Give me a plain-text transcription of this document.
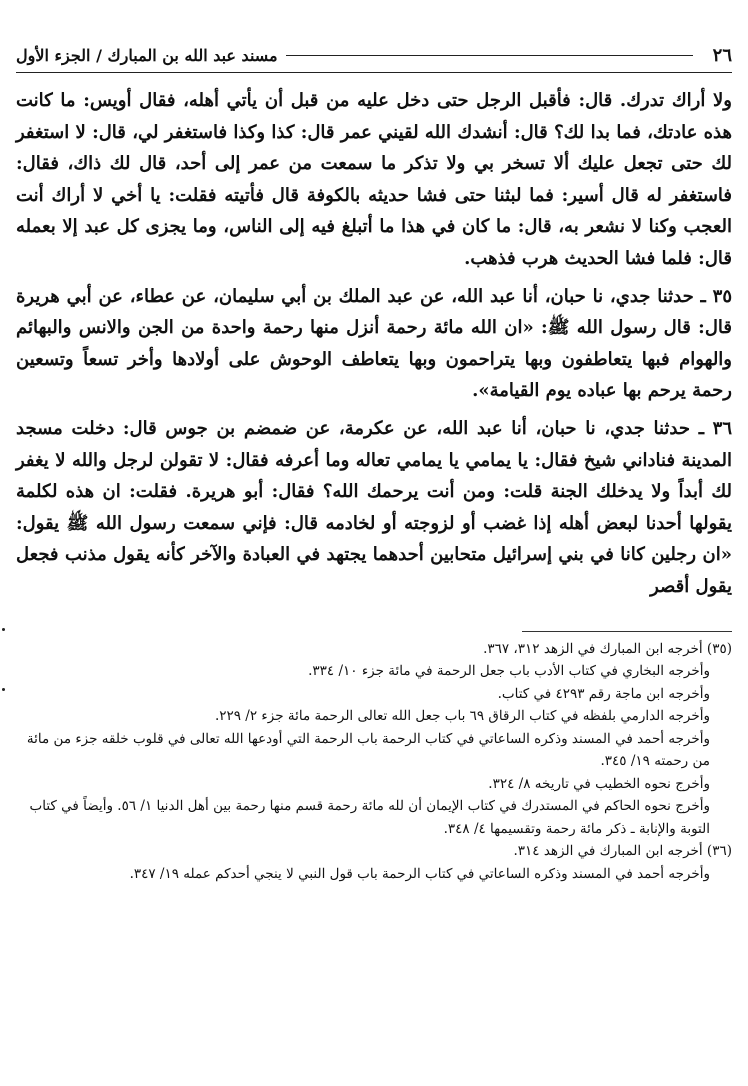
٢٦
مسند عبد الله بن المبارك / الجزء الأول

ولا أراك تدرك. قال: فأقبل الرجل حتى دخل عليه من قبل أن يأتي أهله، فقال أويس: ما كانت هذه عادتك، فما بدا لك؟ قال: أنشدك الله لقيني عمر قال: كذا وكذا فاستغفر لي، قال: لا استغفر لك حتى تجعل عليك ألا تسخر بي ولا تذكر ما سمعت من عمر إلى أحد، قال لك ذاك، فقال: فاستغفر له قال أسير: فما لبثنا حتى فشا حديثه بالكوفة قال فأتيته فقلت: يا أخي لا أراك أنت العجب وكنا لا نشعر به، قال: ما كان في هذا ما أتبلغ فيه إلى الناس، وما يجزى كل عبد إلا بعمله قال: فلما فشا الحديث هرب فذهب.

٣٥ ـ حدثنا جدي، نا حبان، أنا عبد الله، عن عبد الملك بن أبي سليمان، عن عطاء، عن أبي هريرة قال: قال رسول الله ﷺ: «ان الله مائة رحمة أنزل منها رحمة واحدة من الجن والانس والبهائم والهوام فبها يتعاطفون وبها يتراحمون وبها يتعاطف الوحوش على أولادها وأخر تسعاً وتسعين رحمة يرحم بها عباده يوم القيامة».

٣٦ ـ حدثنا جدي، نا حبان، أنا عبد الله، عن عكرمة، عن ضمضم بن جوس قال: دخلت مسجد المدينة فناداني شيخ فقال: يا يمامي يا يمامي تعاله وما أعرفه فقال: لا تقولن لرجل والله لا يغفر لك أبداً ولا يدخلك الجنة قلت: ومن أنت يرحمك الله؟ فقال: أبو هريرة. فقلت: ان هذه لكلمة يقولها أحدنا لبعض أهله إذا غضب أو لزوجته أو لخادمه قال: فإني سمعت رسول الله ﷺ يقول: «ان رجلين كانا في بني إسرائيل متحابين أحدهما يجتهد في العبادة والآخر كأنه يقول مذنب فجعل يقول أقصر

(٣٥) أخرجه ابن المبارك في الزهد ٣١٢، ٣٦٧.

وأخرجه البخاري في كتاب الأدب باب جعل الرحمة في مائة جزء ١٠/ ٣٣٤.

وأخرجه ابن ماجة رقم ٤٢٩٣ في كتاب.

وأخرجه الدارمي بلفظه في كتاب الرقاق ٦٩ باب جعل الله تعالى الرحمة مائة جزء ٢/ ٢٢٩.

وأخرجه أحمد في المسند وذكره الساعاتي في كتاب الرحمة باب الرحمة التي أودعها الله تعالى في قلوب خلقه جزء من مائة من رحمته ١٩/ ٣٤٥.

وأخرج نحوه الخطيب في تاريخه ٨/ ٣٢٤.

وأخرج نحوه الحاكم في المستدرك في كتاب الإيمان أن لله مائة رحمة قسم منها رحمة بين أهل الدنيا ١/ ٥٦. وأيضاً في كتاب التوبة والإنابة ـ ذكر مائة رحمة وتقسيمها ٤/ ٣٤٨.

(٣٦) أخرجه ابن المبارك في الزهد ٣١٤.

وأخرجه أحمد في المسند وذكره الساعاتي في كتاب الرحمة باب قول النبي لا ينجي أحدكم عمله ١٩/ ٣٤٧.
